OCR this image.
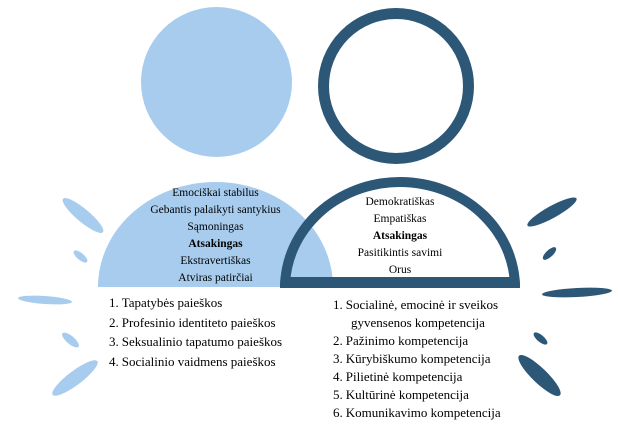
Emociškai stabilus
Gebantis palaikyti santykius
Sąmoningas
Atsakingas
Ekstravertiškas
Atviras patirčiai
Demokratiškas
Empatiškas
Atsakingas
Pasitikintis savimi
Orus
1. Tapatybės paieškos
2. Profesinio identiteto paieškos
3. Seksualinio tapatumo paieškos
4. Socialinio vaidmens paieškos
1. Socialinė, emocinė ir sveikos gyvensenos kompetencija
2. Pažinimo kompetencija
3. Kūrybiškumo kompetencija
4. Pilietinė kompetencija
5. Kultūrinė kompetencija
6. Komunikavimo kompetencija
